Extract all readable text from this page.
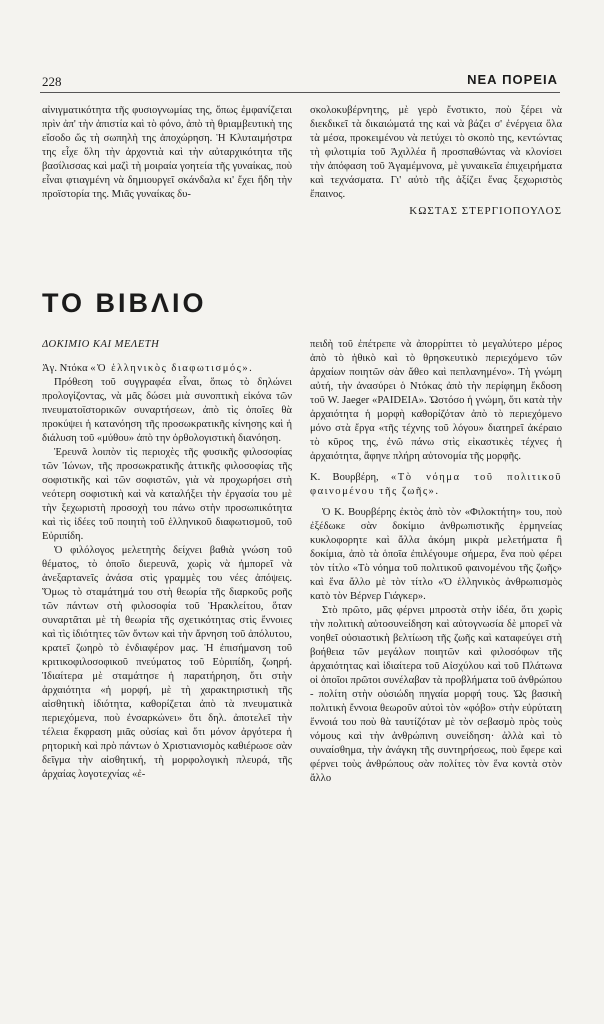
228	ΝΕΑ ΠΟΡΕΙΑ

αἰνιγματικότητα τῆς φυσιογνωμίας της, ὅπως ἐμφανίζεται πρὶν ἀπ' τὴν ἀπιστία καὶ τὸ φόνο, ἀπὸ τὴ θριαμβευτικὴ της εἴσοδο ὥς τὴ σωπηλὴ της ἀποχώρηση. Ἡ Κλυταιμήστρα της εἶχε ὅλη τὴν ἀρχοντιὰ καὶ τὴν αὐταρχικότητα τῆς βασίλισσας καὶ μαζὶ τὴ μοιραία γοητεία τῆς γυναίκας, ποὺ εἶναι φτιαγμένη νὰ δημιουργεῖ σκάνδαλα κι' ἔχει ἤδη τὴν προϊστορία της. Μιᾶς γυναίκας δυ-

σκολοκυβέρνητης, μὲ γερὸ ἔνστικτο, ποὺ ξέρει νὰ διεκδικεῖ τὰ δικαιώματά της καὶ νὰ βάζει σ' ἐνέργεια ὅλα τὰ μέσα, προκειμένου νὰ πετύχει τὸ σκοπὸ της, κεντώντας τὴ φιλοτιμία τοῦ Ἀχιλλέα ἢ προσπαθώντας νὰ κλονίσει τὴν ἀπόφαση τοῦ Ἀγαμέμνονα, μὲ γυναικεῖα ἐπιχειρήματα καὶ τεχνάσματα. Γι' αὐτὸ τῆς ἀξίζει ἕνας ξεχωριστὸς ἔπαινος.

ΚΩΣΤΑΣ ΣΤΕΡΓΙΟΠΟΥΛΟΣ
ΤΟ ΒΙΒΛΙΟ
ΔΟΚΙΜΙΟ ΚΑΙ ΜΕΛΕΤΗ

Ἀγ. Ντόκα «Ὁ ἑλληνικὸς διαφωτισμός».

Πρόθεση τοῦ συγγραφέα εἶναι, ὅπως τὸ δηλώνει προλογίζοντας, νὰ μᾶς δώσει μιὰ συνοπτικὴ εἰκόνα τῶν πνευματοϊστορικῶν συναρτήσεων, ἀπὸ τὶς ὁποῖες θὰ προκύψει ἡ κατανόηση τῆς προσωκρατικῆς κίνησης καὶ ἡ διάλυση τοῦ «μύθου» ἀπὸ την ὀρθολογιστικὴ διανόηση.

Ἐρευνᾶ λοιπὸν τὶς περιοχὲς τῆς φυσικῆς φιλοσοφίας τῶν Ἰώνων, τῆς προσωκρατικῆς ἀττικῆς φιλοσοφίας τῆς σοφιστικῆς καὶ τῶν σοφιστῶν, γιὰ νὰ προχωρήσει στὴ νεότερη σοφιστικὴ καὶ νὰ καταλήξει τὴν ἐργασία του μὲ τὴν ξεχωριστὴ προσοχὴ του πάνω στὴν προσωπικότητα καὶ τὶς ἰδέες τοῦ ποιητὴ τοῦ ἑλληνικοῦ διαφωτισμοῦ, τοῦ Εὐριπίδη.

Ὁ φιλόλογος μελετητὴς δείχνει βαθιὰ γνώση τοῦ θέματος, τὸ ὁποῖο διερευνᾶ, χωρὶς νὰ ἠμπορεῖ νὰ ἀνεξαρτανεῖς ἀνάσα στὶς γραμμὲς του νέες ἀπόψεις. Ὅμως τὸ σταμάτημά του στὴ θεωρία τῆς διαρκοῦς ροῆς τῶν πάντων στὴ φιλοσοφία τοῦ Ἡρακλείτου, ὅταν συναρτᾶται μὲ τὴ θεωρία τῆς σχετικότητας στὶς ἔννοιες καὶ τὶς ἰδιότητες τῶν ὄντων καὶ τὴν ἄρνηση τοῦ ἀπόλυτου, κρατεῖ ζωηρὸ τὸ ἐνδιαφέρον μας. Ἡ ἐπισήμανση τοῦ κριτικοφιλοσοφικοῦ πνεύματος τοῦ Εὐριπίδη, ζωηρή. Ἰδιαίτερα μὲ σταμάτησε ἡ παρατήρηση, ὅτι στὴν ἀρχαιότητα «ἡ μορφή, μὲ τὴ χαρακτηριστικὴ τῆς αἰσθητικὴ ἰδιότητα, καθορίζεται ἀπὸ τὰ πνευματικὰ περιεχόμενα, ποὺ ἐνσαρκώνει» ὅτι δηλ. ἀποτελεῖ τὴν τέλεια ἔκφραση μιᾶς οὐσίας καὶ ὅτι μόνον ἀργότερα ἡ ρητορικὴ καὶ πρὸ πάντων ὁ Χριστιανισμὸς καθιέρωσε σὰν δεῖγμα τὴν αἰσθητική, τὴ μορφολογικὴ πλευρά, τῆς ἀρχαίας λογοτεχνίας «ἐ-

πειδὴ τοῦ ἐπέτρεπε νὰ ἀπορρίπτει τὸ μεγαλύτερο μέρος ἀπὸ τὸ ἠθικὸ καὶ τὸ θρησκευτικὸ περιεχόμενο τῶν ἀρχαίων ποιητῶν σὰν ἄθεο καὶ πεπλανημένο». Τὴ γνώμη αὐτή, τὴν ἀνασύρει ὁ Ντόκας ἀπὸ τὴν περίφημη ἔκδοση τοῦ W. Jaeger «PAIDEIA». Ὡστόσο ἡ γνώμη, ὅτι κατὰ τὴν ἀρχαιότητα ἡ μορφὴ καθορίζόταν ἀπὸ τὸ περιεχόμενο μόνο στὰ ἔργα «τῆς τέχνης τοῦ λόγου» διατηρεῖ ἀκέραιο τὸ κῦρος της, ἐνῶ πάνω στὶς εἰκαστικὲς τέχνες ἡ ἀρχαιότητα, ἄφηνε πλήρη αὐτονομία τῆς μορφῆς.

Κ. Βουρβέρη, «Τὸ νόημα τοῦ πολιτικοῦ φαινομένου τῆς ζωῆς».

Ὁ Κ. Βουρβέρης ἐκτὸς ἀπὸ τὸν «Φιλοκτήτη» του, ποὺ ἐξέδωκε σὰν δοκίμιο ἀνθρωπιστικῆς ἑρμηνείας κυκλοφορητε καὶ ἄλλα ἀκόμη μικρὰ μελετήματα ἢ δοκίμια, ἀπὸ τὰ ὁποῖα ἐπιλέγουμε σήμερα, ἕνα ποὺ φέρει τὸν τίτλο «Τὸ νόημα τοῦ πολιτικοῦ φαινομένου τῆς ζωῆς» καὶ ἕνα ἄλλο μὲ τὸν τίτλο «Ὁ ἑλληνικὸς ἀνθρωπισμὸς κατὸ τὸν Βέρνερ Γιάγκερ».

Στὸ πρῶτο, μᾶς φέρνει μπροστὰ στὴν ἰδέα, ὅτι χωρὶς τὴν πολιτικὴ αὐτοσυνείδηση καὶ αὐτογνωσία δὲ μπορεῖ νὰ νοηθεῖ οὐσιαστικὴ βελτίωση τῆς ζωῆς καὶ καταφεύγει στὴ βοήθεια τῶν μεγάλων ποιητῶν καὶ φιλοσόφων τῆς ἀρχαιότητας καὶ ἰδιαίτερα τοῦ Αἰσχύλου καὶ τοῦ Πλάτωνα οἱ ὁποῖοι πρῶτοι συνέλαβαν τὰ προβλήματα τοῦ ἀνθρώπου - πολίτη στὴν οὐσιώδη πηγαία μορφή τους. Ὡς βασικὴ πολιτικὴ ἔννοια θεωροῦν αὐτοὶ τὸν «φόβο» στὴν εὐρύτατη ἔννοιά του ποὺ θὰ ταυτίζόταν μὲ τὸν σεβασμὸ πρὸς τοὺς νόμους καὶ τὴν ἀνθρώπινη συνείδηση· ἀλλὰ καὶ τὸ συναίσθημα, τὴν ἀνάγκη τῆς συντηρήσεως, ποὺ ἔφερε καὶ φέρνει τοὺς ἀνθρώπους σὰν πολίτες τὸν ἕνα κοντὰ στὸν ἄλλο
